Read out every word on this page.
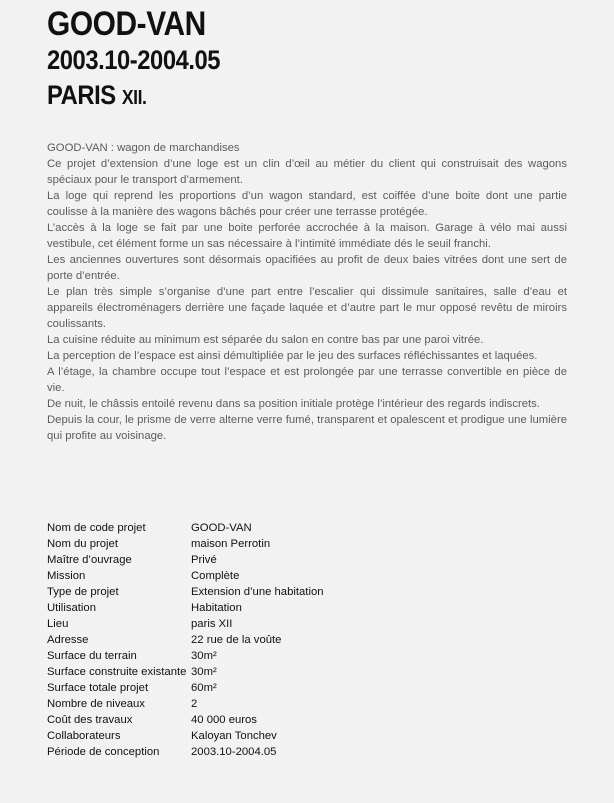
GOOD-VAN
2003.10-2004.05
PARIS XII.

GOOD-VAN : wagon de marchandises

Ce projet d’extension d’une loge est un clin d’œil au métier du client qui construisait des wagons spéciaux pour le transport d’armement.

La loge qui reprend les proportions d’un wagon standard, est coiffée d’une boite dont une partie coulisse à la manière des wagons bâchés pour créer une terrasse protégée.

L’accès à la loge se fait par une boite perforée accrochée à la maison. Garage à vélo mai aussi vestibule, cet élément forme un sas nécessaire à l’intimité immédiate dés le seuil franchi.

Les anciennes ouvertures sont désormais opacifiées au profit de deux baies vitrées dont une sert de porte d’entrée.

Le plan très simple s’organise d’une part entre l’escalier qui dissimule sanitaires, salle d’eau et appareils électroménagers derrière une façade laquée et d’autre part le mur opposé revêtu de miroirs coulissants.

La cuisine réduite au minimum est séparée du salon en contre bas par une paroi vitrée.

La perception de l’espace est ainsi démultipliée par le jeu des surfaces réfléchissantes et laquées.

A l’étage, la chambre occupe tout l’espace et est prolongée par une terrasse convertible en pièce de vie.

De nuit, le châssis entoilé revenu dans sa position initiale protège l’intérieur des regards indiscrets.

Depuis la cour, le prisme de verre alterne verre fumé, transparent et opalescent et prodigue une lumière qui profite au voisinage.

Nom de code projet	GOOD-VAN
Nom du projet	maison Perrotin
Maître d’ouvrage	Privé
Mission	Complète
Type de projet	Extension d’une habitation
Utilisation	Habitation
Lieu	paris XII
Adresse	22 rue de la voûte
Surface du terrain	30m²
Surface construite existante 30m²
Surface totale projet	60m²
Nombre de niveaux	2
Coût des travaux	40 000 euros
Collaborateurs	Kaloyan Tonchev
Période de conception	2003.10-2004.05
